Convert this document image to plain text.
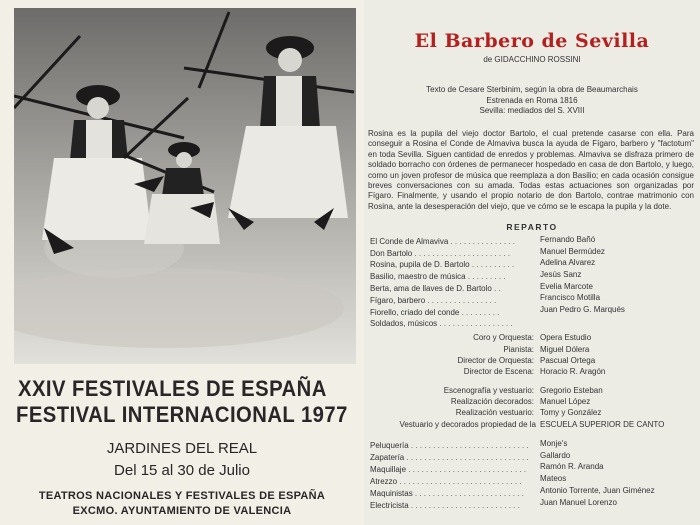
XXIV FESTIVALES DE ESPAÑA
FESTIVAL INTERNACIONAL 1977
JARDINES DEL REAL
Del 15 al 30 de Julio
TEATROS NACIONALES Y FESTIVALES DE ESPAÑA
EXCMO. AYUNTAMIENTO DE VALENCIA
El Barbero de Sevilla
de GIDACCHINO ROSSINI
Texto de Cesare Sterbinim, según la obra de Beaumarchais
Estrenada en Roma 1816
Sevilla: mediados del S. XVIII
Rosina es la pupila del viejo doctor Bartolo, el cual pretende casarse con ella. Para conseguir a Rosina el Conde de Almaviva busca la ayuda de Fígaro, barbero y "factotum" en toda Sevilla. Siguen cantidad de enredos y problemas. Almaviva se disfraza primero de soldado borracho con órdenes de permanecer hospedado en casa de don Bartolo, y luego, como un joven profesor de música que reemplaza a don Basilio; en cada ocasión consigue breves conversaciones con su amada. Todas estas actuaciones son organizadas por Fígaro. Finalmente, y usando el propio notario de don Bartolo, contrae matrimonio con Rosina, ante la desesperación del viejo, que ve cómo se le escapa la pupila y la dote.
REPARTO
El Conde de Almaviva . . . . . . . . . . . . . . .	Fernando Bañó
Don Bartolo . . . . . . . . . . . . . . . . . . . . . .	Manuel Bermúdez
Rosina, pupila de D. Bartolo . . . . . . . . . .	Adelina Alvarez
Basilio, maestro de música . . . . . . . . .	Jesús Sanz
Berta, ama de llaves de D. Bartolo . .	Evelia Marcote
Fígaro, barbero . . . . . . . . . . . . . . . .	Francisco Motilla
Fiorello, criado del conde . . . . . . . . .	Juan Pedro G. Marqués
Soldados, músicos . . . . . . . . . . . . . . . . .
Coro y Orquesta: Opera Estudio
Pianista: Miguel Dólera
Director de Orquesta: Pascual Ortega
Director de Escena: Horacio R. Aragón
Escenografía y vestuario: Gregorio Esteban
Realización decorados: Manuel López
Realización vestuario: Tomy y González
Vestuario y decorados propiedad de la ESCUELA SUPERIOR DE CANTO
Peluquería . . . . . . . . . . . . . . . . . . . . . . . . . . .	Monje's
Zapatería . . . . . . . . . . . . . . . . . . . . . . . . . . . .	Gallardo
Maquillaje . . . . . . . . . . . . . . . . . . . . . . . . . . .	Ramón R. Aranda
Atrezzo . . . . . . . . . . . . . . . . . . . . . . . . . . . .	Mateos
Maquinistas . . . . . . . . . . . . . . . . . . . . . . . . .	Antonio Torrente, Juan Giménez
Electricista . . . . . . . . . . . . . . . . . . . . . . . . .	Juan Manuel Lorenzo
